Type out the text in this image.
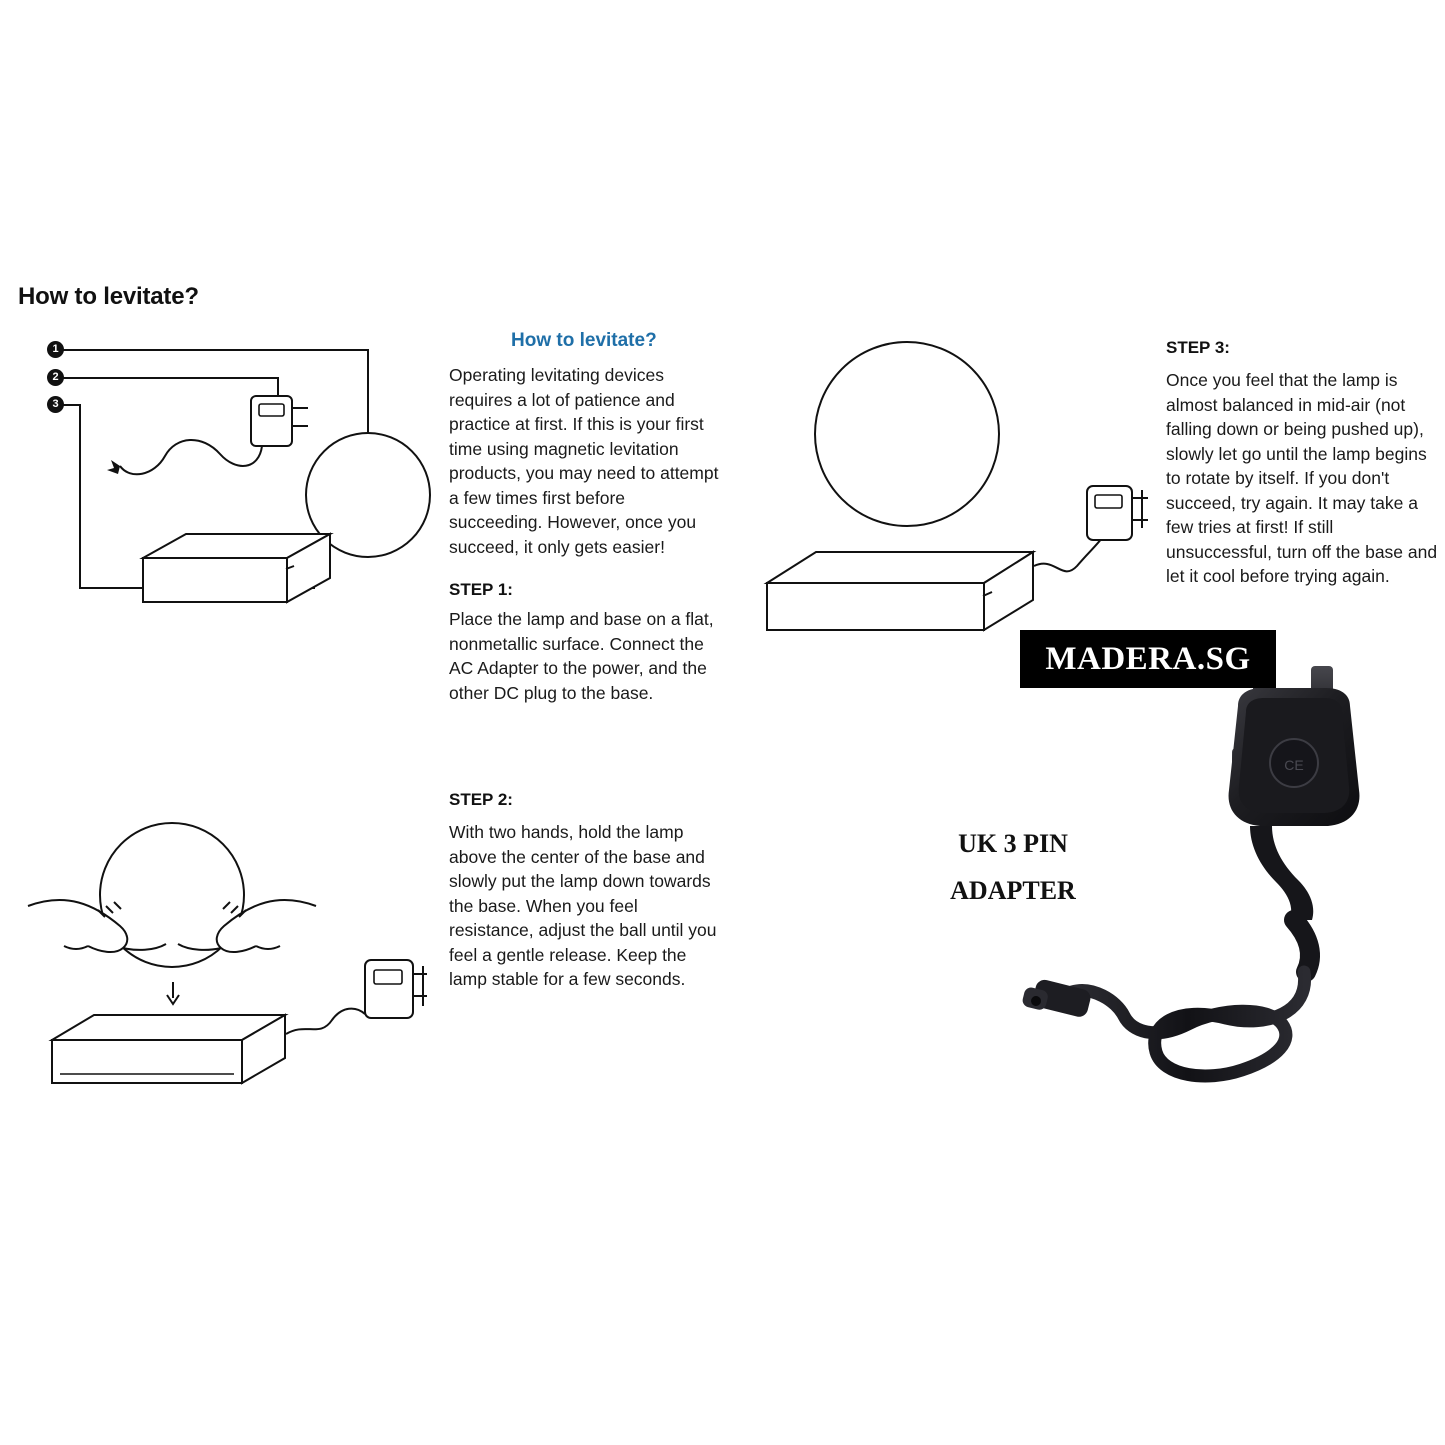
How to levitate?
1
2
3
CE
MADERA.SG
UK 3 PIN
ADAPTER
How to levitate?
Operating levitating devices requires a lot of patience and practice at first. If this is your first time using magnetic levitation products, you may need to attempt a few times first before succeeding. However, once you succeed, it only gets easier!
STEP 1:
Place the lamp and base on a flat, nonmetallic surface. Connect the AC Adapter to the power, and the other DC plug to the base.
STEP 2:
With two hands, hold the lamp above the center of the base and slowly put the lamp down towards the base. When you feel resistance, adjust the ball until you feel a gentle release. Keep the lamp stable for a few seconds.
STEP 3:
Once you feel that the lamp is almost balanced in mid-air (not falling down or being pushed up), slowly let go until the lamp begins to rotate by itself. If you don't succeed, try again. It may take a few tries at first! If still unsuccessful, turn off the base and let it cool before trying again.
